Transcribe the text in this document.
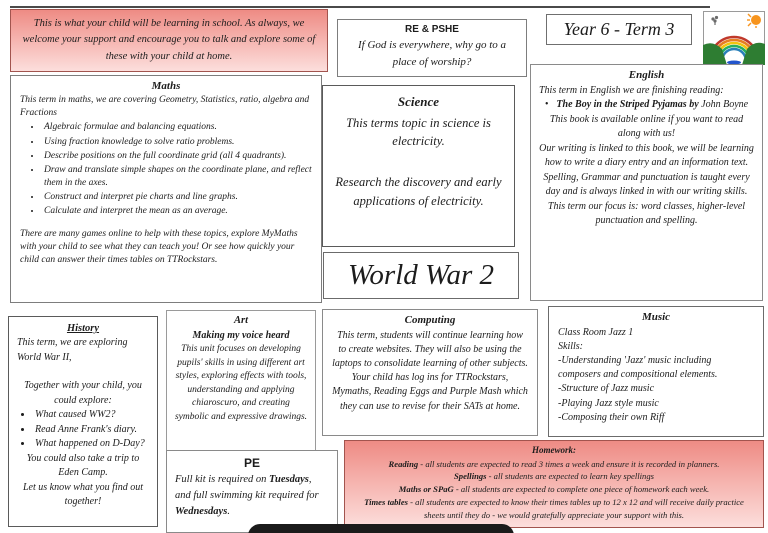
This is what your child will be learning in school. As always, we welcome your support and encourage you to talk and explore some of these with your child at home.
RE & PSHE
If God is everywhere, why go to a place of worship?
Year 6 - Term 3
Maths
This term in maths, we are covering Geometry, Statistics, ratio, algebra and Fractions
• Algebraic formulae and balancing equations.
• Using fraction knowledge to solve ratio problems.
• Describe positions on the full coordinate grid (all 4 quadrants).
• Draw and translate simple shapes on the coordinate plane, and reflect them in the axes.
• Construct and interpret pie charts and line graphs.
• Calculate and interpret the mean as an average.
There are many games online to help with these topics, explore MyMaths with your child to see what they can teach you! Or see how quickly your child can answer their times tables on TTRockstars.
Science
This terms topic in science is electricity.
Research the discovery and early applications of electricity.
World War 2
English
This term in English we are finishing reading:
• The Boy in the Striped Pyjamas by John Boyne
This book is available online if you want to read along with us!
Our writing is linked to this book, we will be learning how to write a diary entry and an information text.
Spelling, Grammar and punctuation is taught every day and is always linked in with our writing skills. This term our focus is: word classes, higher-level punctuation and spelling.
History
This term, we are exploring World War II,
Together with your child, you could explore:
• What caused WW2?
• Read Anne Frank's diary.
• What happened on D-Day?
You could also take a trip to Eden Camp.
Let us know what you find out together!
Art
Making my voice heard
This unit focuses on developing pupils' skills in using different art styles, exploring effects with tools, understanding and applying chiaroscuro, and creating symbolic and expressive drawings.
PE
Full kit is required on Tuesdays, and full swimming kit required for Wednesdays.
Computing
This term, students will continue learning how to create websites. They will also be using the laptops to consolidate learning of other subjects. Your child has log ins for TTRockstars, Mymaths, Reading Eggs and Purple Mash which they can use to revise for their SATs at home.
Music
Class Room Jazz 1
Skills:
-Understanding 'Jazz' music including composers and compositional elements.
-Structure of Jazz music
-Playing Jazz style music
-Composing their own Riff
Homework:
Reading - all students are expected to read 3 times a week and ensure it is recorded in planners.
Spellings - all students are expected to learn key spellings
Maths or SPaG - all students are expected to complete one piece of homework each week.
Times tables - all students are expected to know their times tables up to 12 x 12 and will receive daily practice sheets until they do - we would gratefully appreciate your support with this.
